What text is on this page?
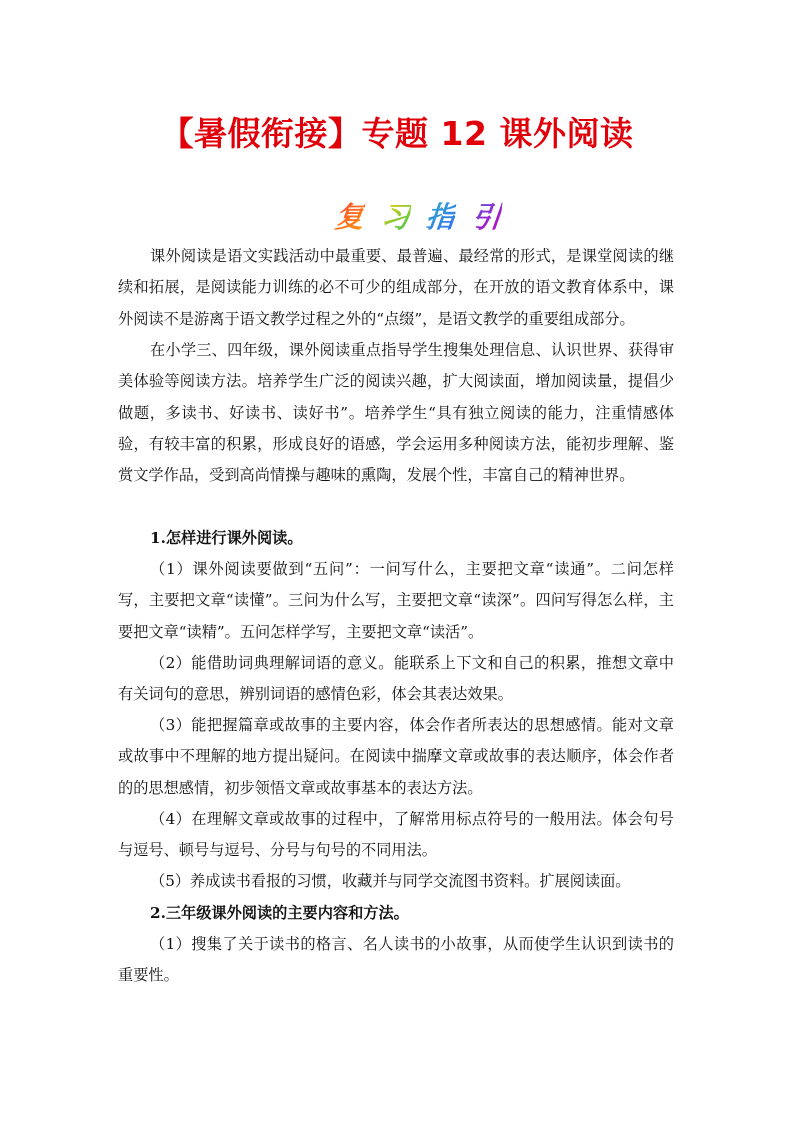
【暑假衔接】专题 12 课外阅读
复 习 指 引

课外阅读是语文实践活动中最重要、最普遍、最经常的形式，是课堂阅读的继续和拓展，是阅读能力训练的必不可少的组成部分，在开放的语文教育体系中，课外阅读不是游离于语文教学过程之外的“点缀”，是语文教学的重要组成部分。

在小学三、四年级，课外阅读重点指导学生搜集处理信息、认识世界、获得审美体验等阅读方法。培养学生广泛的阅读兴趣，扩大阅读面，增加阅读量，提倡少做题，多读书、好读书、读好书”。培养学生“具有独立阅读的能力，注重情感体验，有较丰富的积累，形成良好的语感，学会运用多种阅读方法，能初步理解、鉴赏文学作品，受到高尚情操与趣味的熏陶，发展个性，丰富自己的精神世界。

1.怎样进行课外阅读。

（1）课外阅读要做到“五问”：一问写什么，主要把文章“读通”。二问怎样写，主要把文章“读懂”。三问为什么写，主要把文章“读深”。四问写得怎么样，主要把文章“读精”。五问怎样学写，主要把文章“读活”。

（2）能借助词典理解词语的意义。能联系上下文和自己的积累，推想文章中有关词句的意思，辨别词语的感情色彩，体会其表达效果。

（3）能把握篇章或故事的主要内容，体会作者所表达的思想感情。能对文章或故事中不理解的地方提出疑问。在阅读中揣摩文章或故事的表达顺序，体会作者的的思想感情，初步领悟文章或故事基本的表达方法。

（4）在理解文章或故事的过程中，了解常用标点符号的一般用法。体会句号与逗号、顿号与逗号、分号与句号的不同用法。

（5）养成读书看报的习惯，收藏并与同学交流图书资料。扩展阅读面。

2.三年级课外阅读的主要内容和方法。

（1）搜集了关于读书的格言、名人读书的小故事，从而使学生认识到读书的重要性。
